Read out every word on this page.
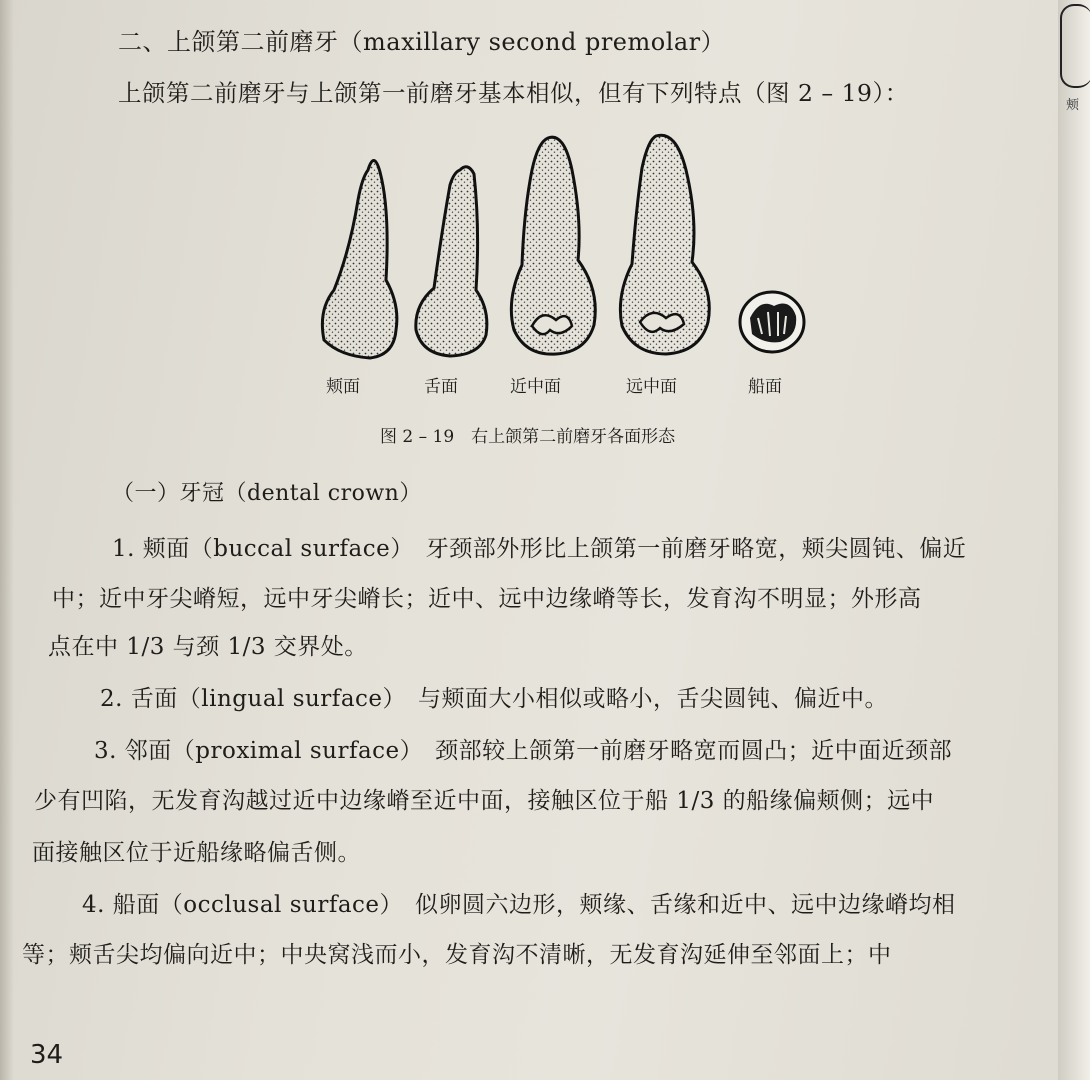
二、上颌第二前磨牙（maxillary second premolar）
上颌第二前磨牙与上颌第一前磨牙基本相似，但有下列特点（图 2 – 19）：
颊面	舌面	近中面	远中面	船面
图 2 – 19　右上颌第二前磨牙各面形态
（一）牙冠（dental crown）
1. 颊面（buccal surface）　牙颈部外形比上颌第一前磨牙略宽，颊尖圆钝、偏近
中；近中牙尖嵴短，远中牙尖嵴长；近中、远中边缘嵴等长，发育沟不明显；外形高
点在中 1/3 与颈 1/3 交界处。
2. 舌面（lingual surface）　与颊面大小相似或略小，舌尖圆钝、偏近中。
3. 邻面（proximal surface）　颈部较上颌第一前磨牙略宽而圆凸；近中面近颈部
少有凹陷，无发育沟越过近中边缘嵴至近中面，接触区位于船 1/3 的船缘偏颊侧；远中
面接触区位于近船缘略偏舌侧。
4. 船面（occlusal surface）　似卵圆六边形，颊缘、舌缘和近中、远中边缘嵴均相
等；颊舌尖均偏向近中；中央窝浅而小，发育沟不清晰，无发育沟延伸至邻面上；中
34
颊
